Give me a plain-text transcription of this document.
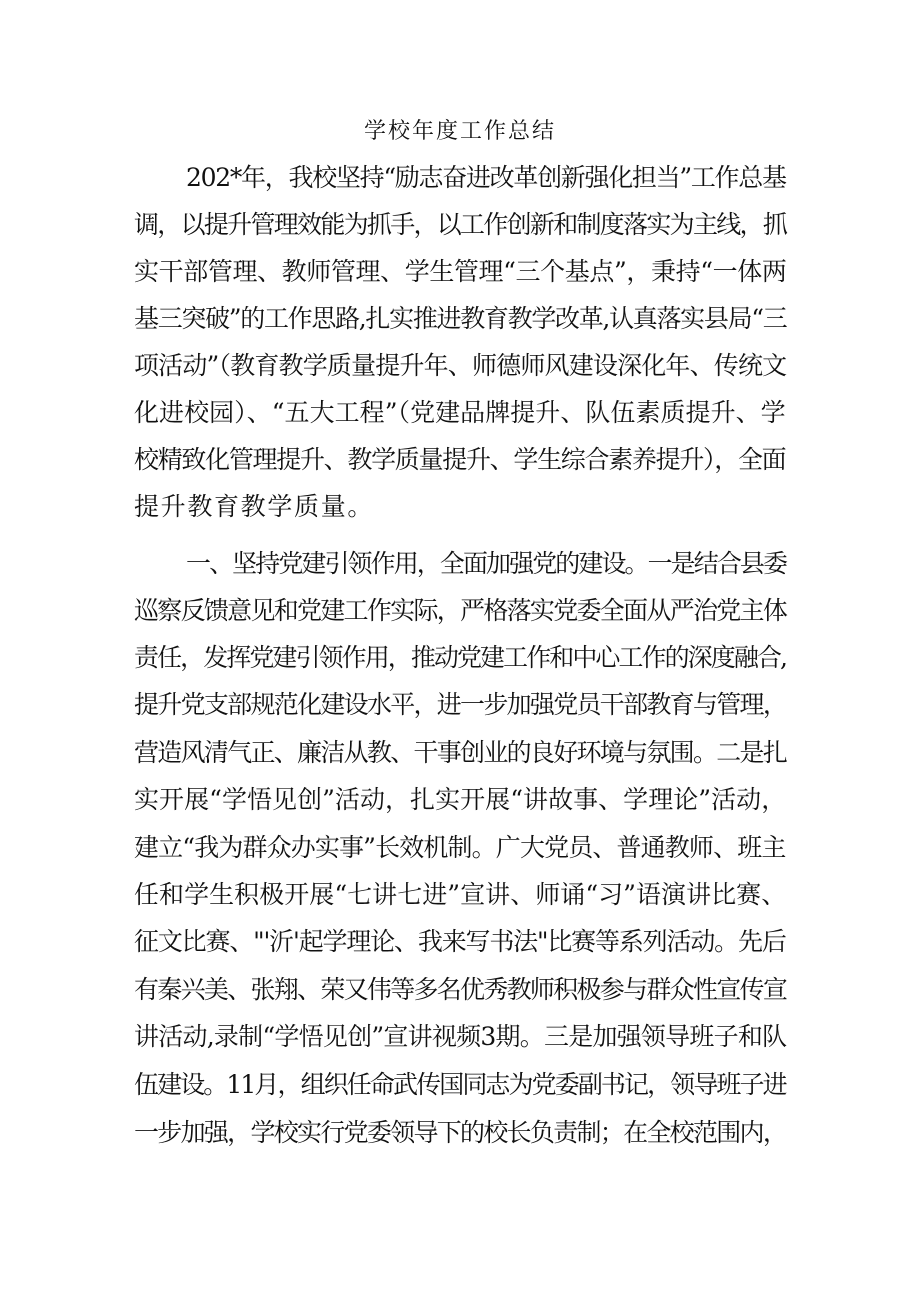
学校年度工作总结

202*年，我校坚持“励志奋进改革创新强化担当”工作总基

调，以提升管理效能为抓手，以工作创新和制度落实为主线，抓

实干部管理、教师管理、学生管理“三个基点”，秉持“一体两

基三突破”的工作思路,扎实推进教育教学改革,认真落实县局“三

项活动”（教育教学质量提升年、师德师风建设深化年、传统文

化进校园）、“五大工程”（党建品牌提升、队伍素质提升、学

校精致化管理提升、教学质量提升、学生综合素养提升），全面

提升教育教学质量。

一、坚持党建引领作用，全面加强党的建设。一是结合县委

巡察反馈意见和党建工作实际，严格落实党委全面从严治党主体

责任，发挥党建引领作用，推动党建工作和中心工作的深度融合,

提升党支部规范化建设水平，进一步加强党员干部教育与管理，

营造风清气正、廉洁从教、干事创业的良好环境与氛围。二是扎

实开展“学悟见创”活动，扎实开展“讲故事、学理论”活动，

建立“我为群众办实事”长效机制。广大党员、普通教师、班主

任和学生积极开展“七讲七进”宣讲、师诵“习”语演讲比赛、

征文比赛、"'沂'起学理论、我来写书法"比赛等系列活动。先后

有秦兴美、张翔、荣又伟等多名优秀教师积极参与群众性宣传宣

讲活动,录制“学悟见创”宣讲视频3期。三是加强领导班子和队

伍建设。11月，组织任命武传国同志为党委副书记，领导班子进

一步加强，学校实行党委领导下的校长负责制；在全校范围内，
